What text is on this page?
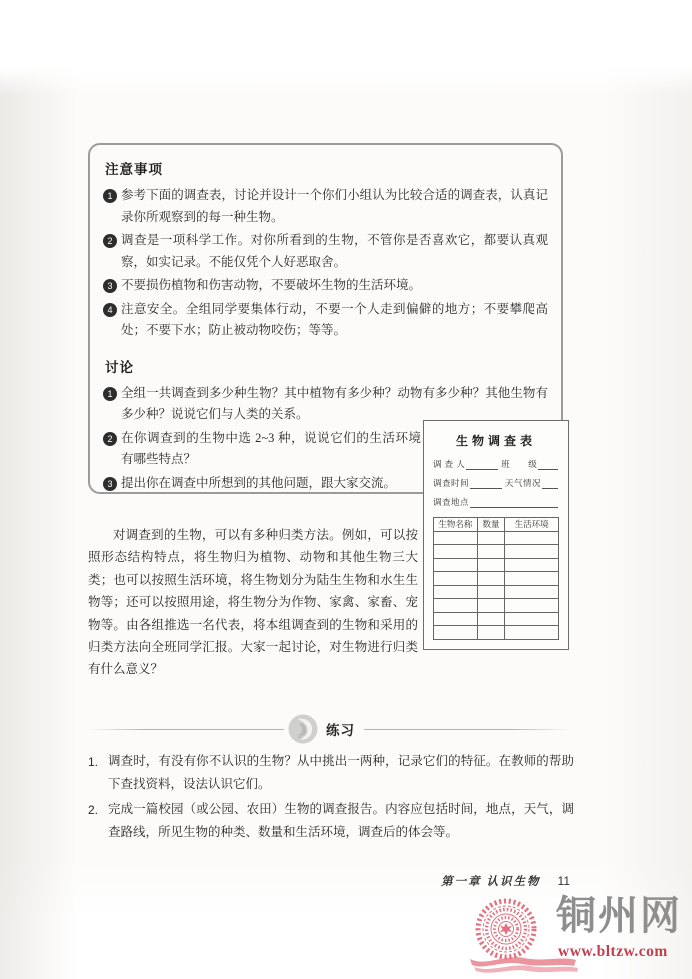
注意事项
1 参考下面的调查表，讨论并设计一个你们小组认为比较合适的调查表，认真记录你所观察到的每一种生物。
2 调查是一项科学工作。对你所看到的生物，不管你是否喜欢它，都要认真观察，如实记录。不能仅凭个人好恶取舍。
3 不要损伤植物和伤害动物，不要破坏生物的生活环境。
4 注意安全。全组同学要集体行动，不要一个人走到偏僻的地方；不要攀爬高处；不要下水；防止被动物咬伤；等等。
讨论
1 全组一共调查到多少种生物？其中植物有多少种？动物有多少种？其他生物有多少种？说说它们与人类的关系。
2 在你调查到的生物中选 2~3 种，说说它们的生活环境有哪些特点？
3 提出你在调查中所想到的其他问题，跟大家交流。
生物调查表
调 查 人	班　　级
调查时间	天气情况
调查地点
生物名称	数量	生活环境

对调查到的生物，可以有多种归类方法。例如，可以按照形态结构特点，将生物归为植物、动物和其他生物三大类；也可以按照生活环境，将生物划分为陆生生物和水生生物等；还可以按照用途，将生物分为作物、家禽、家畜、宠物等。由各组推选一名代表，将本组调查到的生物和采用的归类方法向全班同学汇报。大家一起讨论，对生物进行归类有什么意义？

练习
1. 调查时，有没有你不认识的生物？从中挑出一两种，记录它们的特征。在教师的帮助下查找资料，设法认识它们。
2. 完成一篇校园（或公园、农田）生物的调查报告。内容应包括时间，地点，天气，调查路线，所见生物的种类、数量和生活环境，调查后的体会等。
第一章 认识生物 11
铜州网
www.bltzw.com
